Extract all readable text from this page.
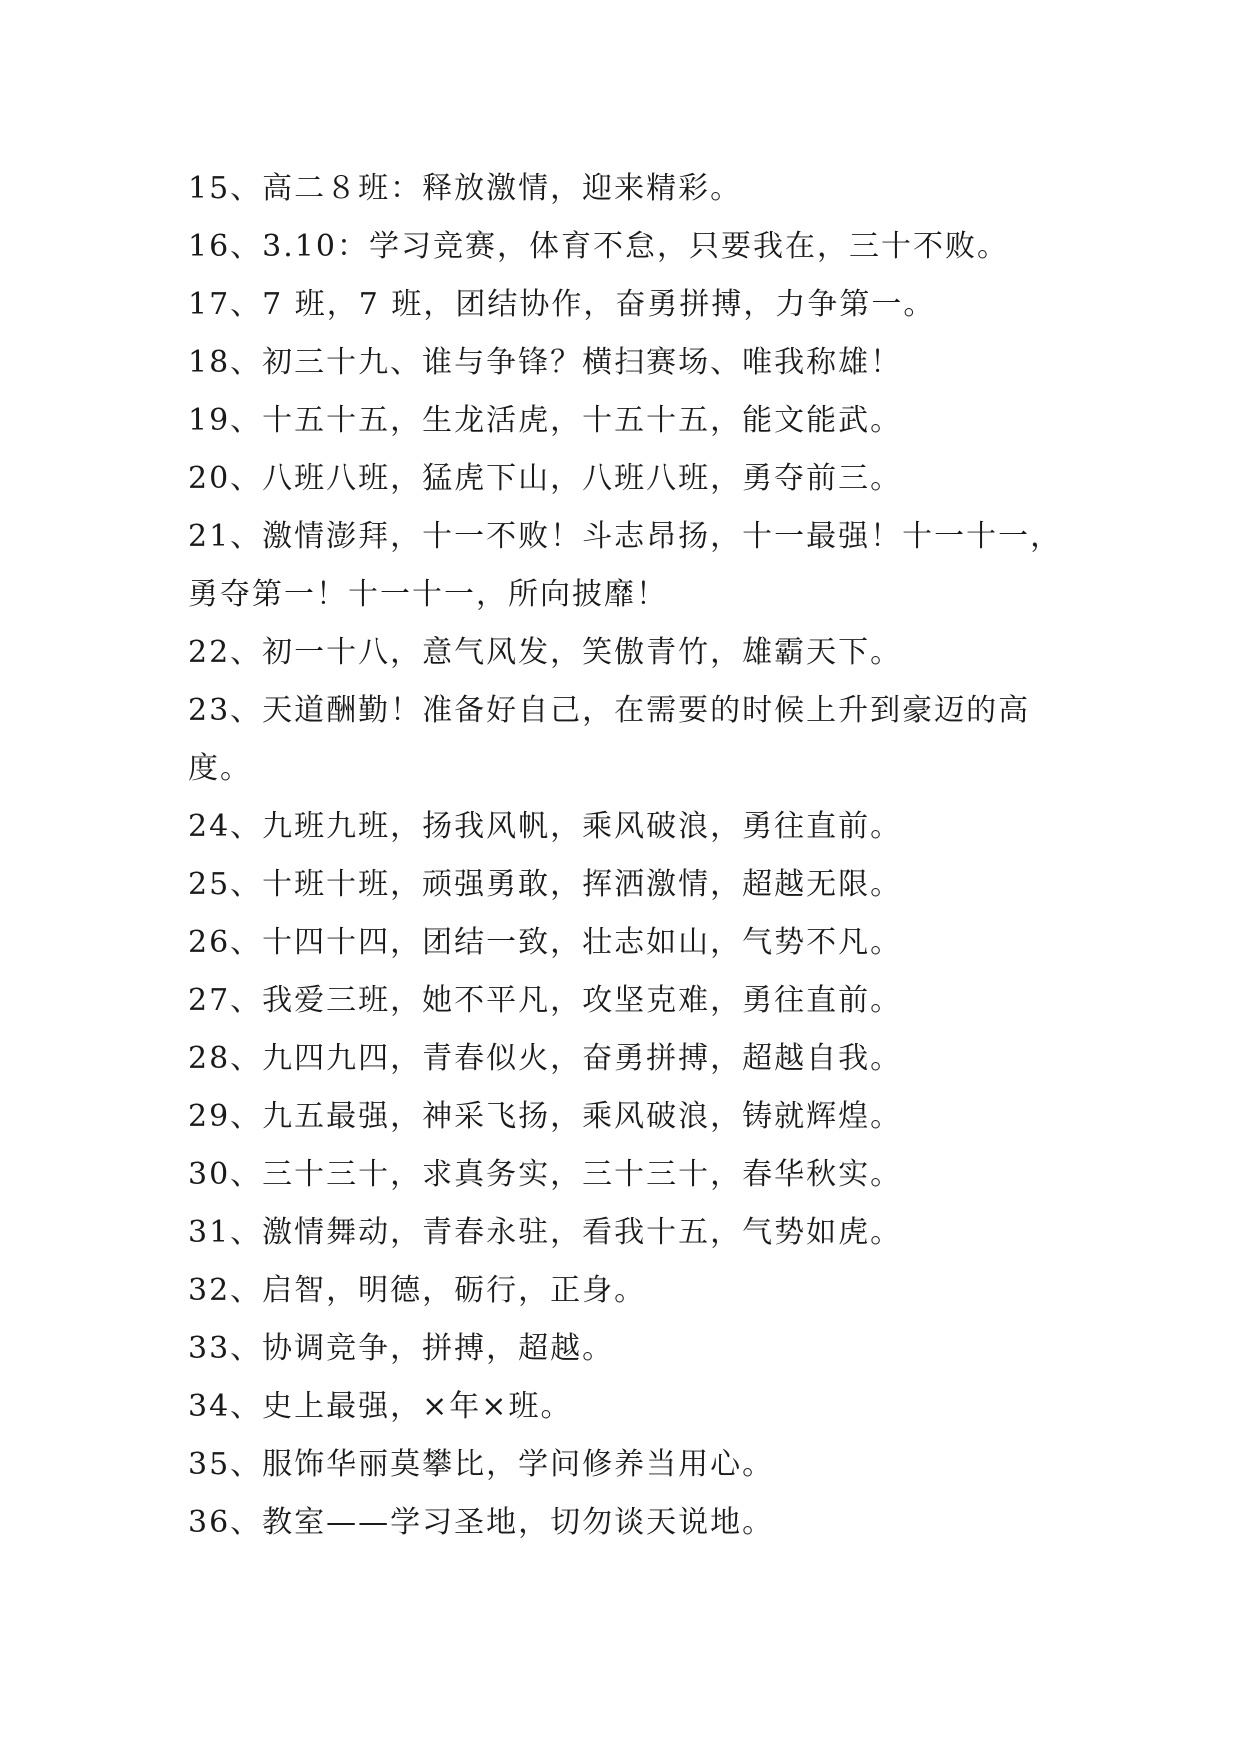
15、高二８班：释放激情，迎来精彩。

16、3.10：学习竞赛，体育不怠，只要我在，三十不败。

17、7 班，7 班，团结协作，奋勇拼搏，力争第一。

18、初三十九、谁与争锋？横扫赛场、唯我称雄！

19、十五十五，生龙活虎，十五十五，能文能武。

20、八班八班，猛虎下山，八班八班，勇夺前三。

21、激情澎拜，十一不败！斗志昂扬，十一最强！十一十一，

勇夺第一！十一十一，所向披靡！

22、初一十八，意气风发，笑傲青竹，雄霸天下。

23、天道酬勤！准备好自己，在需要的时候上升到豪迈的高

度。

24、九班九班，扬我风帆，乘风破浪，勇往直前。

25、十班十班，顽强勇敢，挥洒激情，超越无限。

26、十四十四，团结一致，壮志如山，气势不凡。

27、我爱三班，她不平凡，攻坚克难，勇往直前。

28、九四九四，青春似火，奋勇拼搏，超越自我。

29、九五最强，神采飞扬，乘风破浪，铸就辉煌。

30、三十三十，求真务实，三十三十，春华秋实。

31、激情舞动，青春永驻，看我十五，气势如虎。

32、启智，明德，砺行，正身。

33、协调竞争，拼搏，超越。

34、史上最强，×年×班。

35、服饰华丽莫攀比，学问修养当用心。

36、教室——学习圣地，切勿谈天说地。
